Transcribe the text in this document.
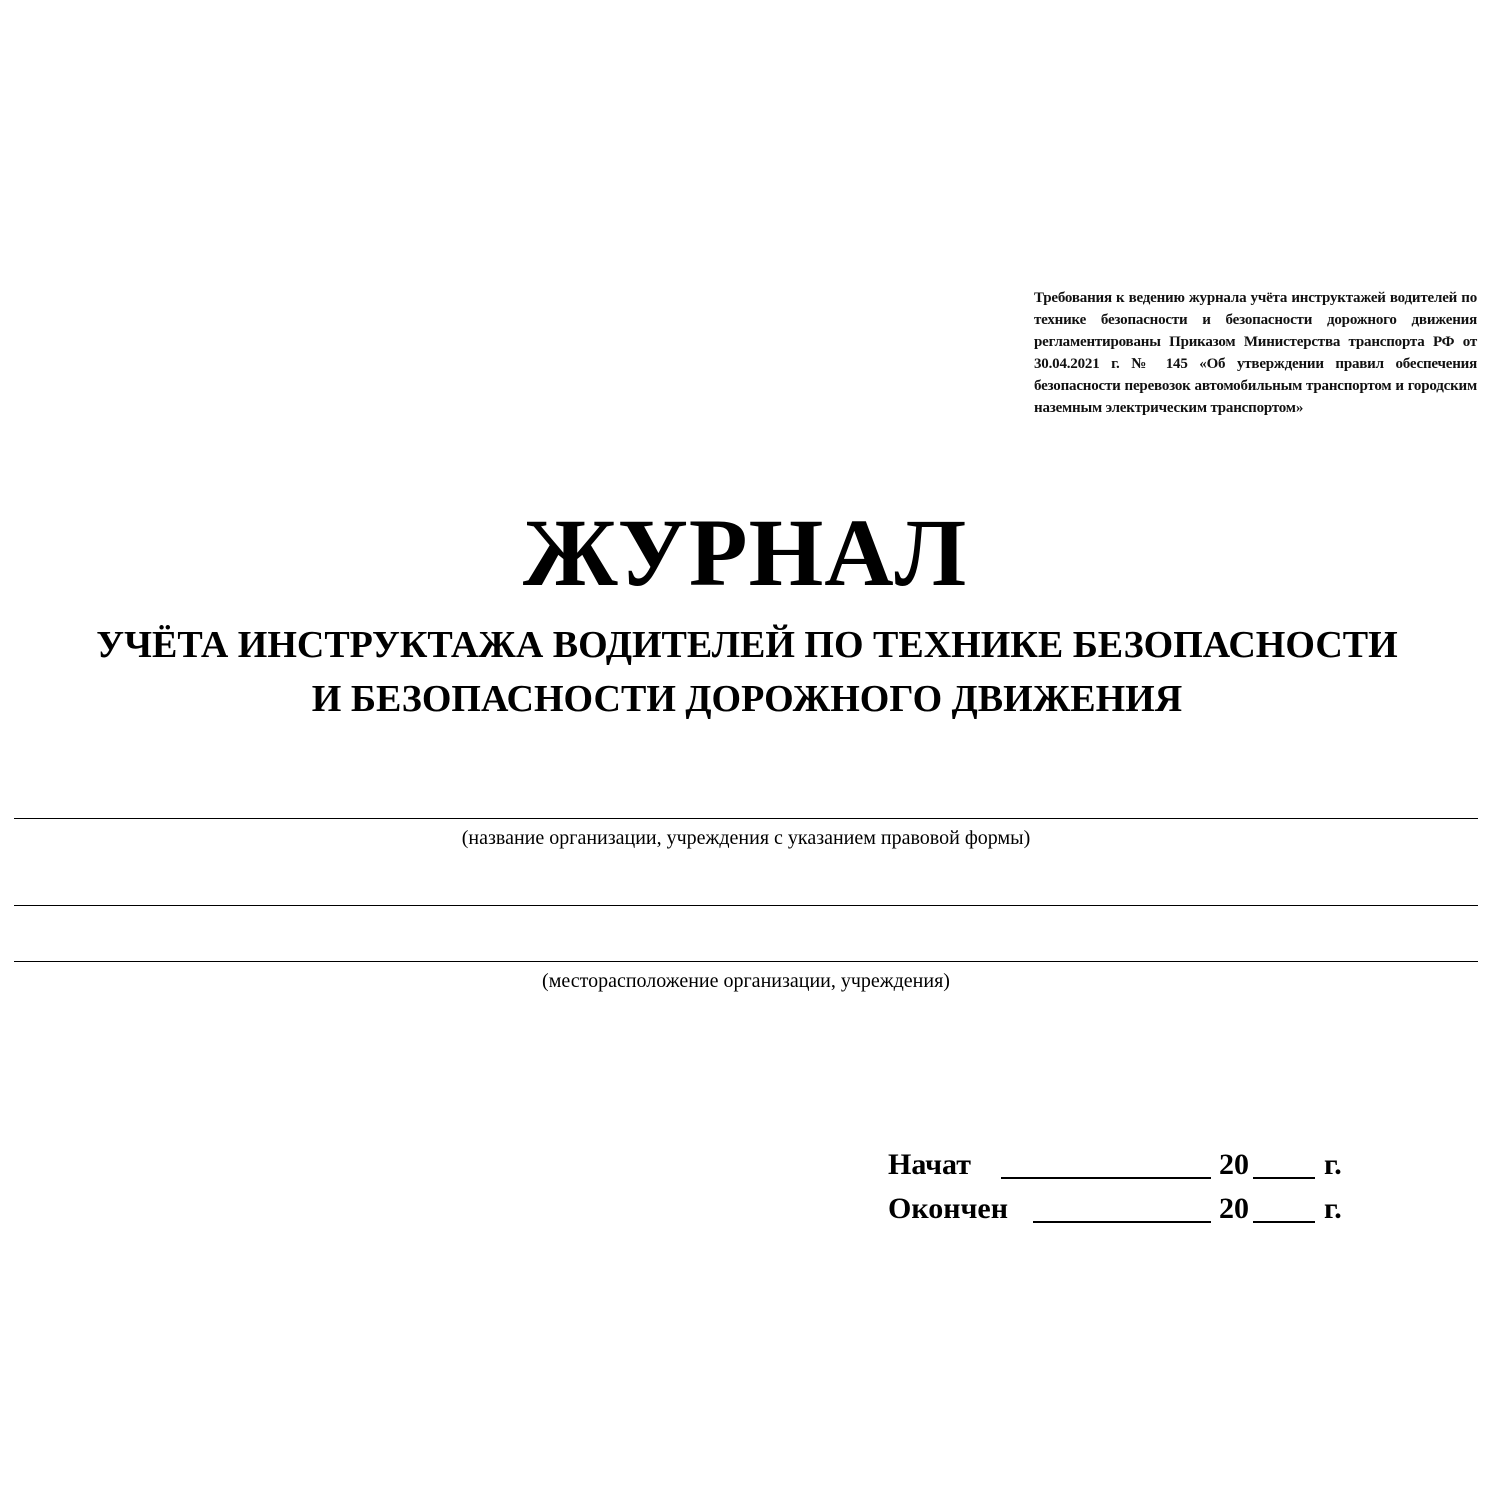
Требования к ведению журнала учёта инструктажей водителей по технике безопасности и безопасности дорожного движения регламентированы Приказом Министерства транспорта РФ от 30.04.2021 г. № 145 «Об утверждении правил обеспечения безопасности перевозок автомобильным транспортом и городским наземным электрическим транспортом»
ЖУРНАЛ
УЧЁТА ИНСТРУКТАЖА ВОДИТЕЛЕЙ ПО ТЕХНИКЕ БЕЗОПАСНОСТИ
И БЕЗОПАСНОСТИ ДОРОЖНОГО ДВИЖЕНИЯ
(название организации, учреждения с указанием правовой формы)
(месторасположение организации, учреждения)
Начат	20	г.
Окончен	20	г.
